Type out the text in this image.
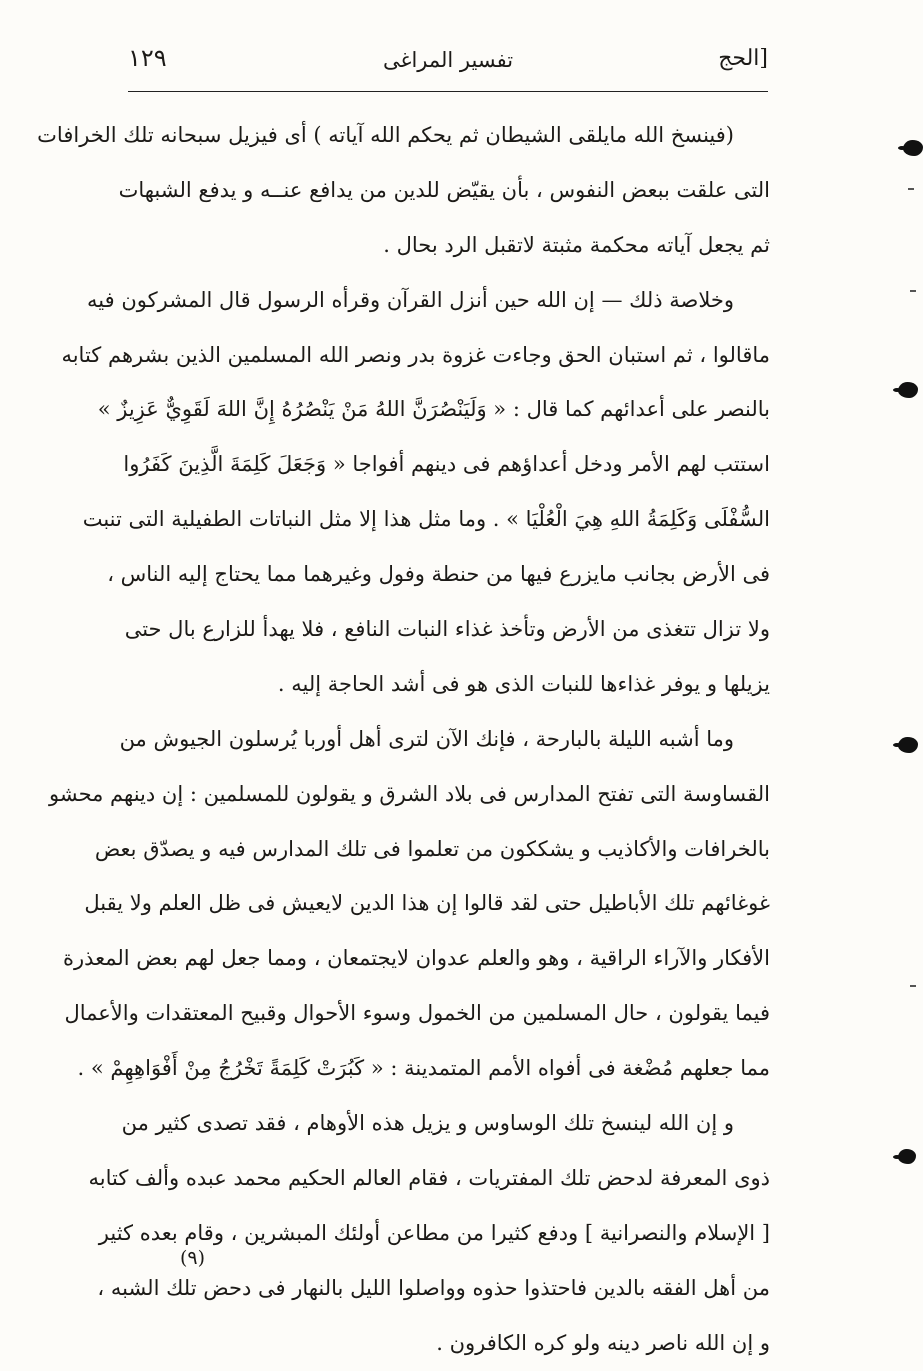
[الحج
تفسير المراغى
١٢٩
(فينسخ الله مايلقى الشيطان ثم يحكم الله آياته ) أى فيزيل سبحانه تلك الخرافات
التى علقت ببعض النفوس ، بأن يقيّض للدين من يدافع عنــه و يدفع الشبهات
ثم يجعل آياته محكمة مثبتة لاتقبل الرد بحال .
وخلاصة ذلك — إن الله حين أنزل القرآن وقرأه الرسول قال المشركون فيه
ماقالوا ، ثم استبان الحق وجاءت غزوة بدر ونصر الله المسلمين الذين بشرهم كتابه
بالنصر على أعدائهم كما قال : « وَلَيَنْصُرَنَّ اللهُ مَنْ يَنْصُرُهُ إِنَّ اللهَ لَقَوِيٌّ عَزِيزٌ »
استتب لهم الأمر ودخل أعداؤهم فى دينهم أفواجا « وَجَعَلَ كَلِمَةَ الَّذِينَ كَفَرُوا
السُّفْلَى وَكَلِمَةُ اللهِ هِيَ الْعُلْيَا » . وما مثل هذا إلا مثل النباتات الطفيلية التى تنبت
فى الأرض بجانب مايزرع فيها من حنطة وفول وغيرهما مما يحتاج إليه الناس ،
ولا تزال تتغذى من الأرض وتأخذ غذاء النبات النافع ، فلا يهدأ للزارع بال حتى
يزيلها و يوفر غذاءها للنبات الذى هو فى أشد الحاجة إليه .
وما أشبه الليلة بالبارحة ، فإنك الآن لترى أهل أوربا يُرسلون الجيوش من
القساوسة التى تفتح المدارس فى بلاد الشرق و يقولون للمسلمين : إن دينهم محشو
بالخرافات والأكاذيب و يشككون من تعلموا فى تلك المدارس فيه و يصدّق بعض
غوغائهم تلك الأباطيل حتى لقد قالوا إن هذا الدين لايعيش فى ظل العلم ولا يقبل
الأفكار والآراء الراقية ، وهو والعلم عدوان لايجتمعان ، ومما جعل لهم بعض المعذرة
فيما يقولون ، حال المسلمين من الخمول وسوء الأحوال وقبيح المعتقدات والأعمال
مما جعلهم مُضْغة فى أفواه الأمم المتمدينة : « كَبُرَتْ كَلِمَةً تَخْرُجُ مِنْ أَفْوَاهِهِمْ » .
و إن الله لينسخ تلك الوساوس و يزيل هذه الأوهام ، فقد تصدى كثير من
ذوى المعرفة لدحض تلك المفتريات ، فقام العالم الحكيم محمد عبده وألف كتابه
[ الإسلام والنصرانية ] ودفع كثيرا من مطاعن أولئك المبشرين ، وقام بعده كثير
من أهل الفقه بالدين فاحتذوا حذوه وواصلوا الليل بالنهار فى دحض تلك الشبه ،
و إن الله ناصر دينه ولو كره الكافرون .
(٩)
